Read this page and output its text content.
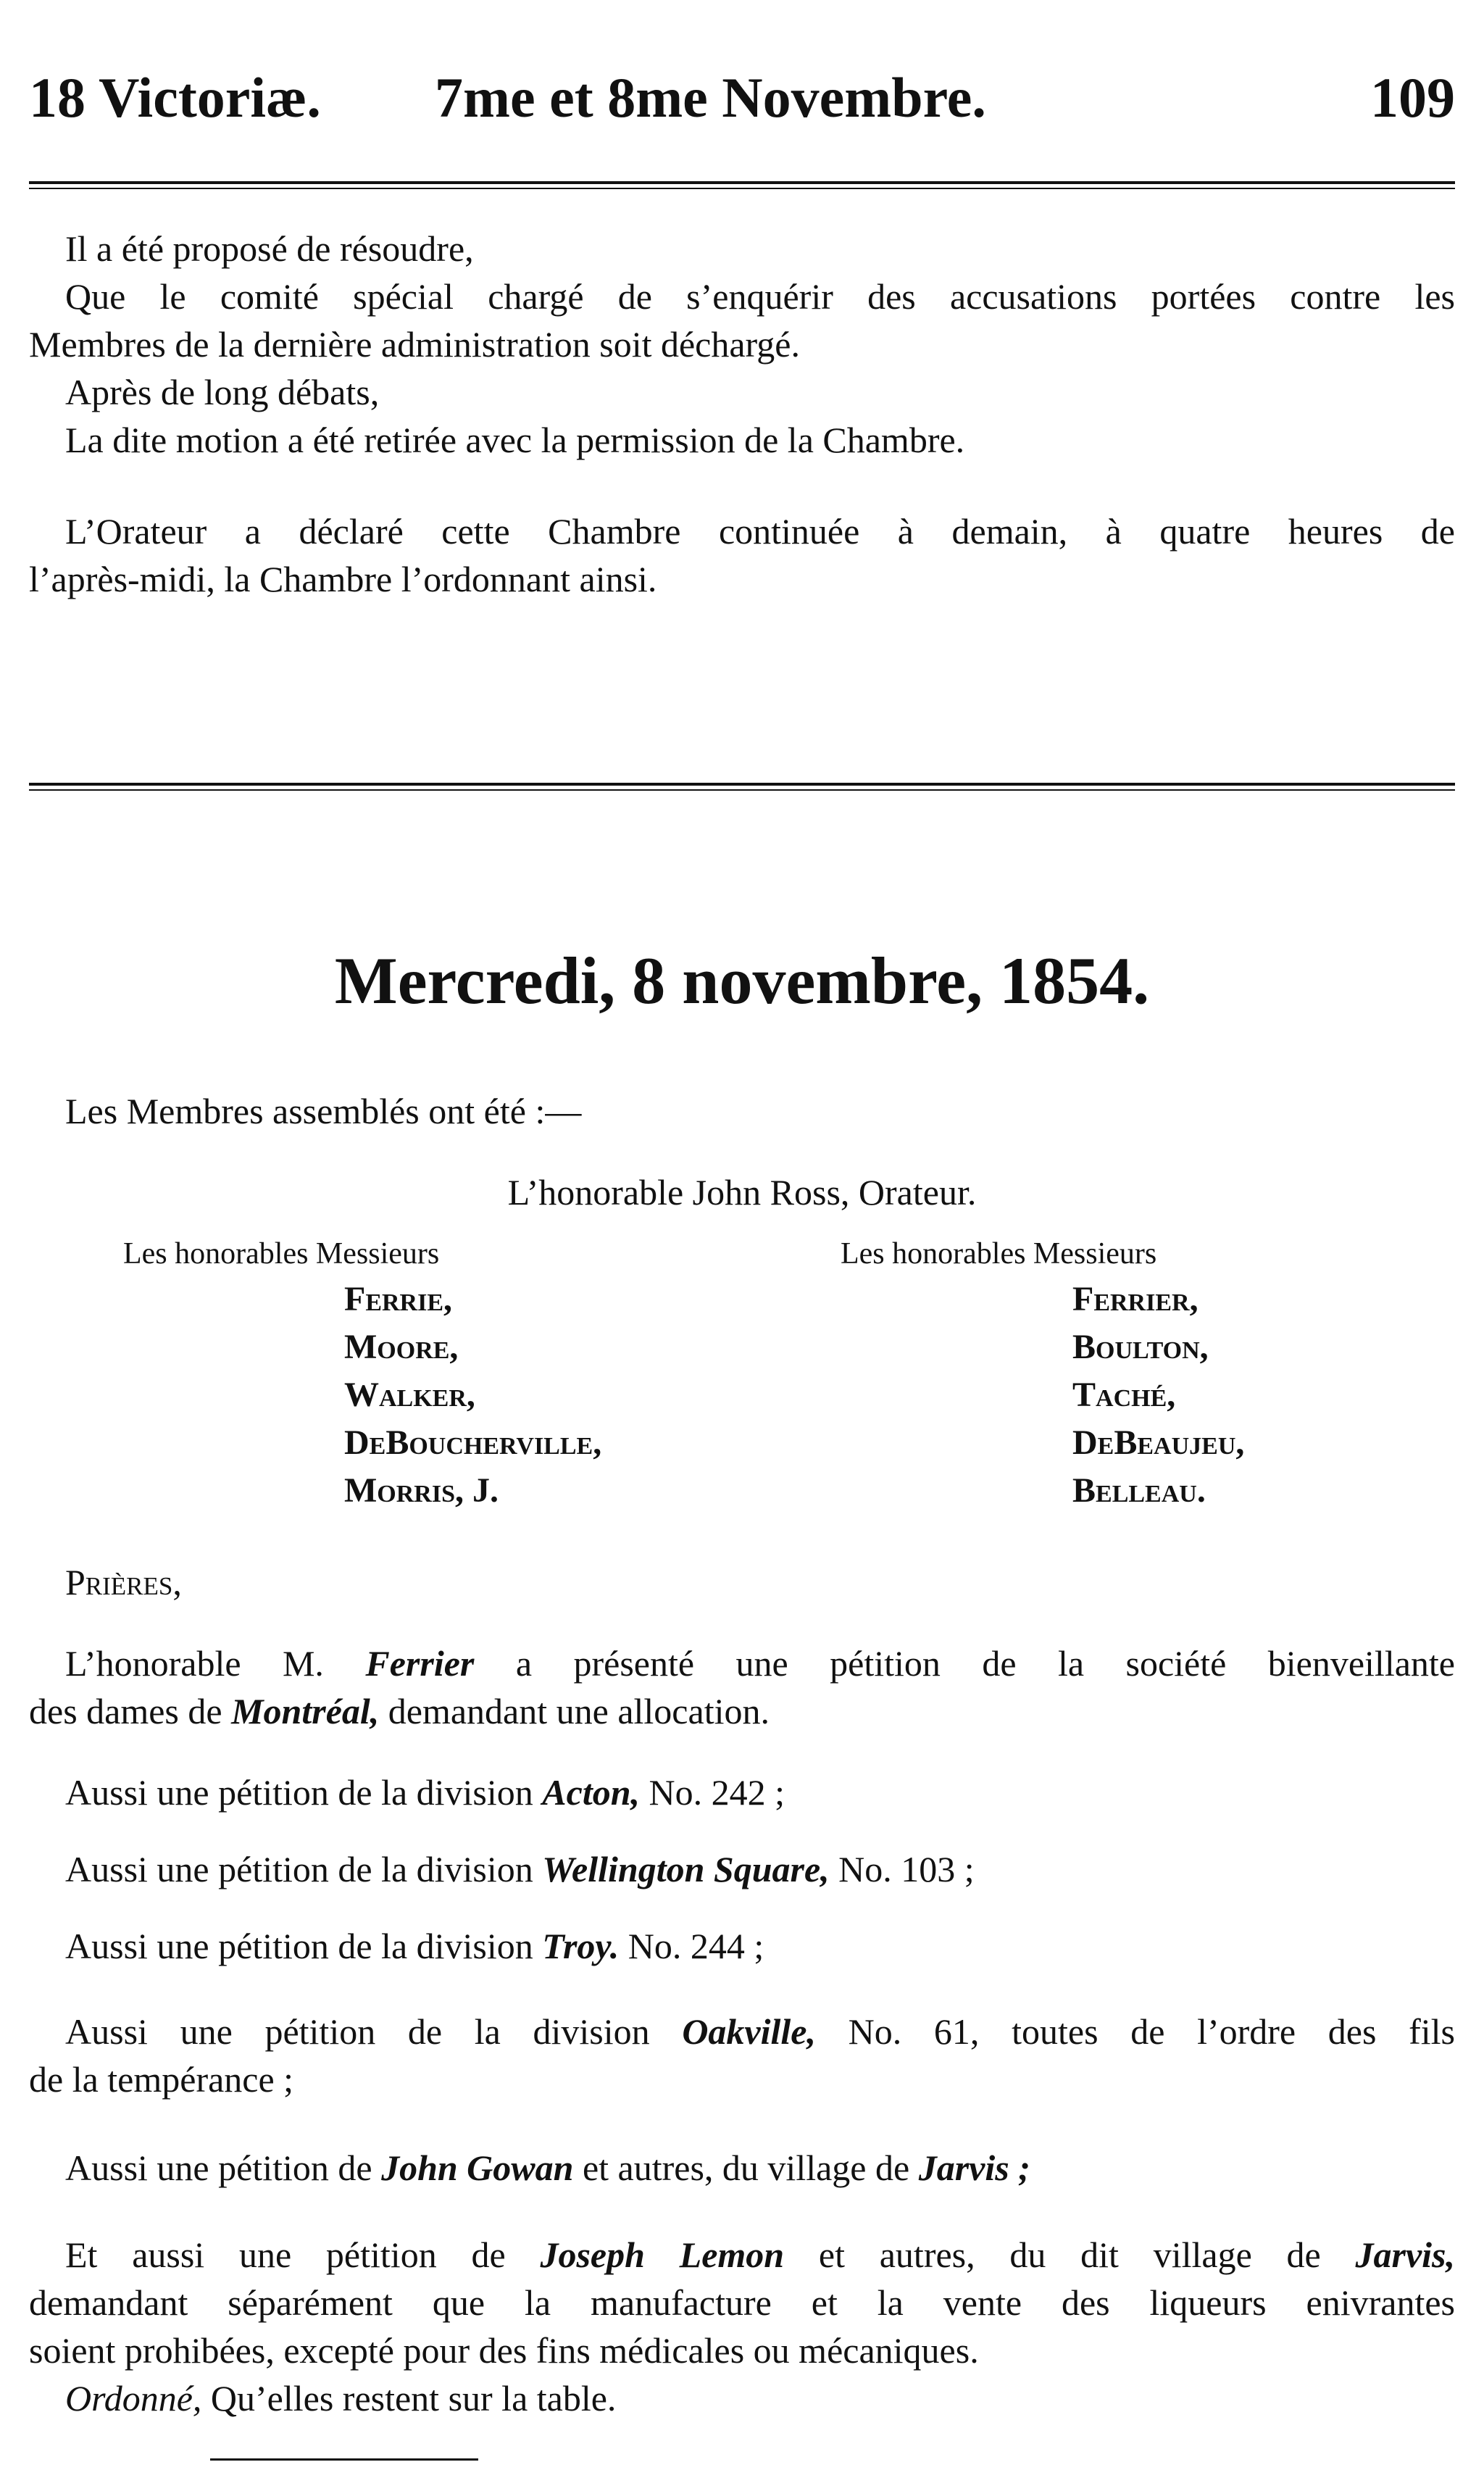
18 Victoriæ. 7me et 8me Novembre.	109
Il a été proposé de résoudre,
Que le comité spécial chargé de s’enquérir des accusations portées contre les
Membres de la dernière administration soit déchargé.
Après de long débats,
La dite motion a été retirée avec la permission de la Chambre.
L’Orateur a déclaré cette Chambre continuée à demain, à quatre heures de
l’après-midi, la Chambre l’ordonnant ainsi.
Mercredi, 8 novembre, 1854.
Les Membres assemblés ont été :—
L’honorable John Ross, Orateur.
Les honorables Messieurs
Ferrie,
Moore,
Walker,
DeBoucherville,
Morris, J.
Les honorables Messieurs
Ferrier,
Boulton,
Taché,
DeBeaujeu,
Belleau.
Prières,
L’honorable M. Ferrier a présenté une pétition de la société bienveillante
des dames de Montréal, demandant une allocation.
Aussi une pétition de la division Acton, No. 242 ;
Aussi une pétition de la division Wellington Square, No. 103 ;
Aussi une pétition de la division Troy. No. 244 ;
Aussi une pétition de la division Oakville, No. 61, toutes de l’ordre des fils
de la tempérance ;
Aussi une pétition de John Gowan et autres, du village de Jarvis ;
Et aussi une pétition de Joseph Lemon et autres, du dit village de Jarvis,
demandant séparément que la manufacture et la vente des liqueurs enivrantes
soient prohibées, excepté pour des fins médicales ou mécaniques.
Ordonné, Qu’elles restent sur la table.
